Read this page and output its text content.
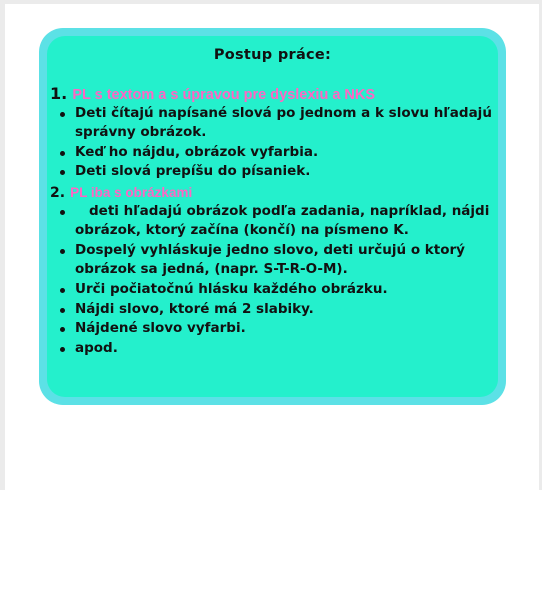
Postup práce:
1. PL s textom a s úpravou pre dyslexiu a NKS
Deti čítajú napísané slová po jednom a k slovu hľadajú správny obrázok.
Keď ho nájdu, obrázok vyfarbia.
Deti slová prepíšu do písaniek.
2. PL iba s obrázkami
deti hľadajú obrázok podľa zadania, napríklad, nájdi obrázok, ktorý začína (končí) na písmeno K.
Dospelý vyhláskuje jedno slovo, deti určujú o ktorý obrázok sa jedná, (napr. S-T-R-O-M).
Urči počiatočnú hlásku každého obrázku.
Nájdi slovo, ktoré má 2 slabiky.
Nájdené slovo vyfarbi.
apod.
